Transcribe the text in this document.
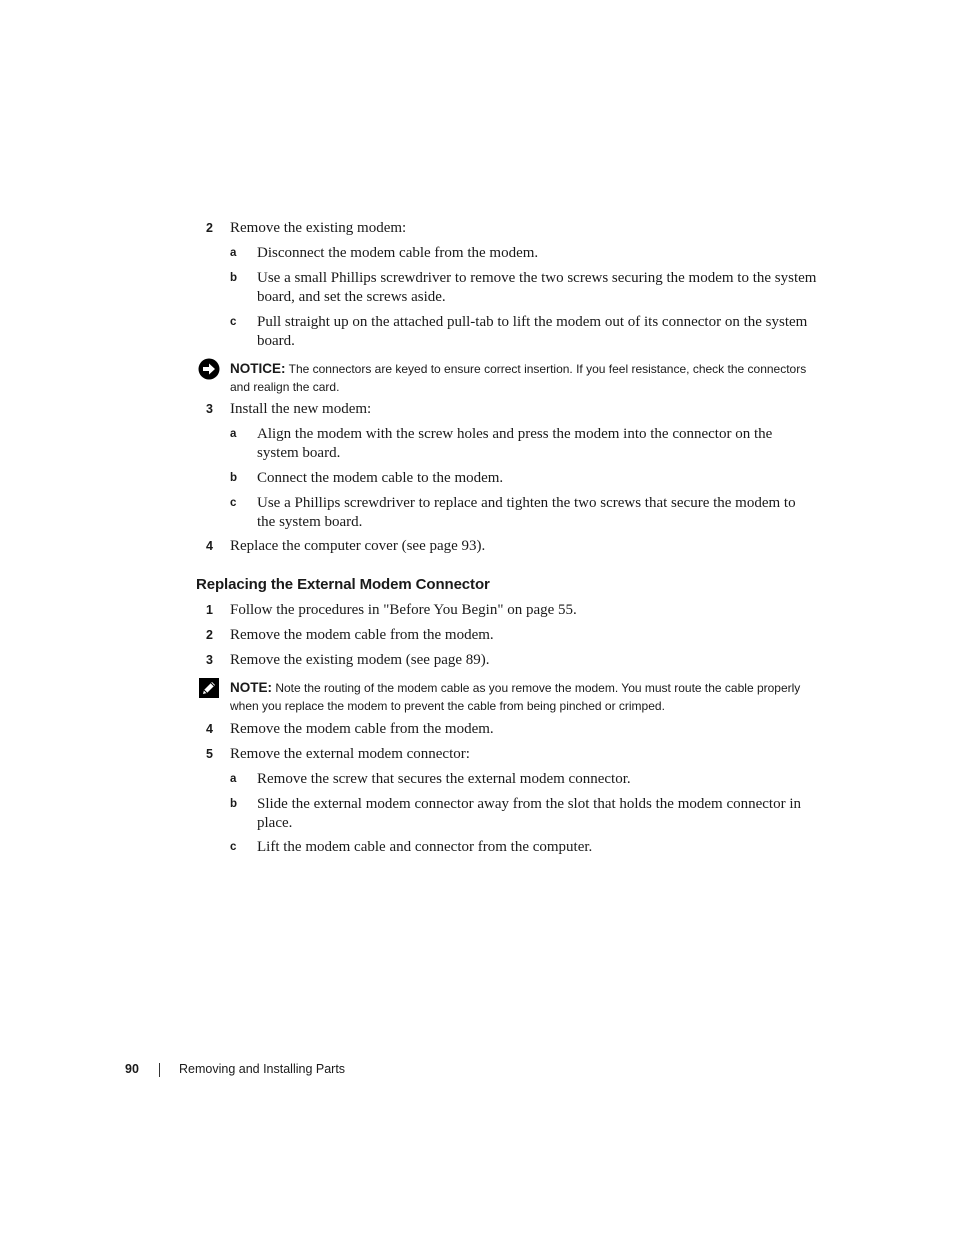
2 Remove the existing modem:
a Disconnect the modem cable from the modem.
b Use a small Phillips screwdriver to remove the two screws securing the modem to the system board, and set the screws aside.
c Pull straight up on the attached pull-tab to lift the modem out of its connector on the system board.
NOTICE: The connectors are keyed to ensure correct insertion. If you feel resistance, check the connectors and realign the card.
3 Install the new modem:
a Align the modem with the screw holes and press the modem into the connector on the system board.
b Connect the modem cable to the modem.
c Use a Phillips screwdriver to replace and tighten the two screws that secure the modem to the system board.
4 Replace the computer cover (see page 93).
Replacing the External Modem Connector
1 Follow the procedures in "Before You Begin" on page 55.
2 Remove the modem cable from the modem.
3 Remove the existing modem (see page 89).
NOTE: Note the routing of the modem cable as you remove the modem. You must route the cable properly when you replace the modem to prevent the cable from being pinched or crimped.
4 Remove the modem cable from the modem.
5 Remove the external modem connector:
a Remove the screw that secures the external modem connector.
b Slide the external modem connector away from the slot that holds the modem connector in place.
c Lift the modem cable and connector from the computer.
90	Removing and Installing Parts
